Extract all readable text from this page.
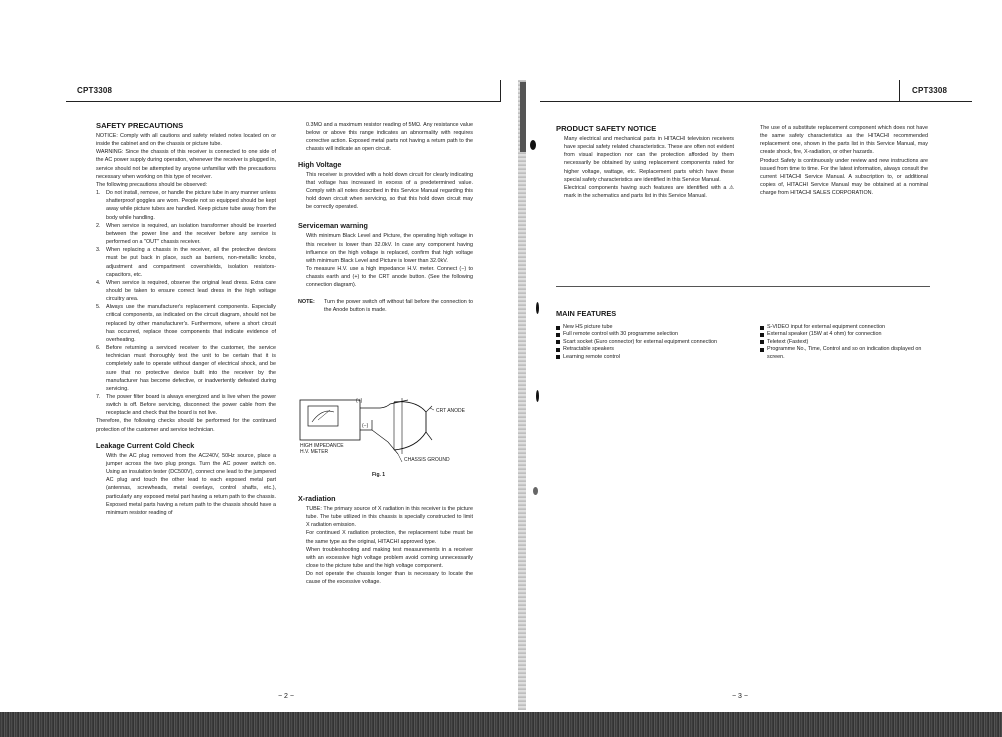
CPT3308	CPT3308
SAFETY PRECAUTIONS

NOTICE: Comply with all cautions and safety related notes located on or inside the cabinet and on the chassis or picture tube.

WARNING: Since the chassis of this receiver is connected to one side of the AC power supply during operation, whenever the receiver is plugged in, service should not be attempted by anyone unfamiliar with the precautions necessary when working on this type of receiver.

The following precautions should be observed:

1. Do not install, remove, or handle the picture tube in any manner unless shatterproof goggles are worn. People not so equipped should be kept away while picture tubes are handled. Keep picture tube away from the body while handling.
2. When service is required, an isolation transformer should be inserted between the power line and the receiver before any service is performed on a "OUT" chassis receiver.
3. When replacing a chassis in the receiver, all the protective devices must be put back in place, such as barriers, non-metallic knobs, adjustment and compartment covershields, isolation resistors-capacitors, etc.
4. When service is required, observe the original lead dress. Extra care should be taken to ensure correct lead dress in the high voltage circuitry area.
5. Always use the manufacturer's replacement components. Especially critical components, as indicated on the circuit diagram, should not be replaced by other manufacturer's. Furthermore, where a short circuit has occurred, replace those components that indicate evidence of overheating.
6. Before returning a serviced receiver to the customer, the service technician must thoroughly test the unit to be certain that it is completely safe to operate without danger of electrical shock, and be sure that no protective device built into the receiver by the manufacturer has become defective, or inadvertently defeated during servicing.
7. The power filter board is always energized and is live when the power switch is off. Before servicing, disconnect the power cable from the receptacle and check that the board is not live.

Therefore, the following checks should be performed for the continued protection of the customer and service technician.

Leakage Current Cold Check

With the AC plug removed from the AC240V, 50Hz source, place a jumper across the two plug prongs. Turn the AC power switch on. Using an insulation tester (DC500V), connect one lead to the jumpered AC plug and touch the other lead to each exposed metal part (antennas, screwheads, metal overlays, control shafts, etc.), particularly any exposed metal part having a return path to the chassis. Exposed metal parts having a return path to the chassis should have a minimum resistor reading of

0.3MΩ and a maximum resistor reading of 5MΩ. Any resistance value below or above this range indicates an abnormality with requires corrective action. Exposed metal parts not having a return path to the chassis will indicate an open circuit.

High Voltage

This receiver is provided with a hold down circuit for clearly indicating that voltage has increased in excess of a predetermined value. Comply with all notes described in this Service Manual regarding this hold down circuit when servicing, so that this hold down circuit may be correctly operated.

Serviceman warning

With minimum Black Level and Picture, the operating high voltage in this receiver is lower than 32.0kV. In case any component having influence on the high voltage is replaced, confirm that high voltage with minimum Black Level and Picture is lower than 32.0kV.

To measure H.V. use a high impedance H.V. meter. Connect (−) to chassis earth and (+) to the CRT anode button. (See the following connection diagram).

NOTE: Turn the power switch off without fail before the connection to the Anode button is made.

(+)
(−)
CRT ANODE
HIGH IMPEDANCE
H.V. METER
CHASSIS GROUND
Fig. 1
X-radiation

TUBE: The primary source of X radiation in this receiver is the picture tube. The tube utilized in this chassis is specially constructed to limit X radiation emission.

For continued X radiation protection, the replacement tube must be the same type as the original, HITACHI approved type.

When troubleshooting and making test measurements in a receiver with an excessive high voltage problem avoid coming unnecessarily close to the picture tube and the high voltage component.

Do not operate the chassis longer than is necessary to locate the cause of the excessive voltage.

− 2 −
PRODUCT SAFETY NOTICE

Many electrical and mechanical parts in HITACHI television receivers have special safety related characteristics. These are often not evident from visual inspection nor can the protection afforded by them necessarily be obtained by using replacement components rated for higher voltage, wattage, etc. Replacement parts which have these special safety characteristics are identified in this Service Manual.

Electrical components having such features are identified with a ⚠ mark in the schematics and parts list in this Service Manual.

The use of a substitute replacement component which does not have the same safety characteristics as the HITACHI recommended replacement one, shown in the parts list in this Service Manual, may create shock, fire, X-radiation, or other hazards.

Product Safety is continuously under review and new instructions are issued from time to time. For the latest information, always consult the current HITACHI Service Manual. A subscription to, or additional copies of, HITACHI Service Manual may be obtained at a nominal charge from HITACHI SALES CORPORATION.

MAIN FEATURES
New HS picture tube
Full remote control with 30 programme selection
Scart socket (Euro connector) for external equipment connection
Retractable speakers
Learning remote control
S-VIDEO input for external equipment connection
External speaker (15W at 4 ohm) for connection
Teletext (Fastext)
Programme No., Time, Control and so on indication displayed on screen.
− 3 −
